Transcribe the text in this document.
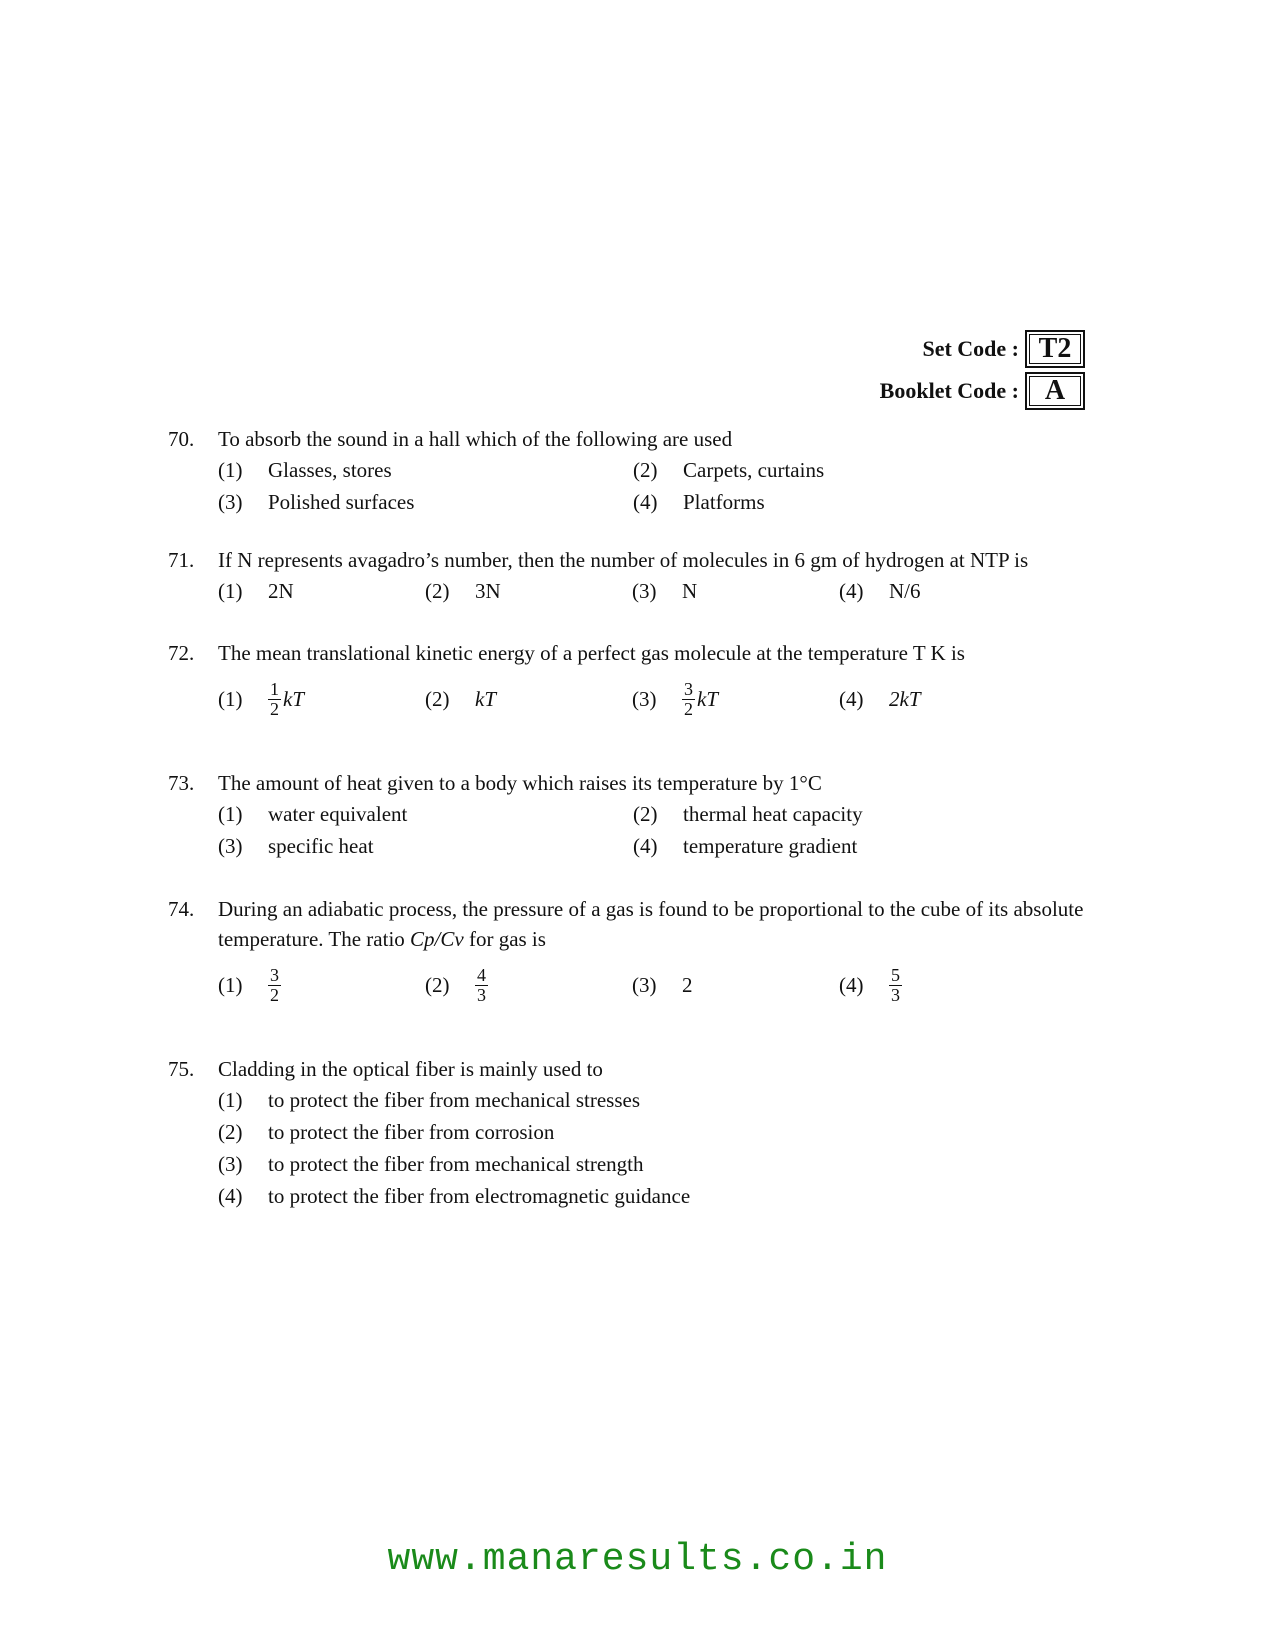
Set Code : T2
Booklet Code : A
70.	To absorb the sound in a hall which of the following are used
(1)	Glasses, stores	(2)	Carpets, curtains
(3)	Polished surfaces	(4)	Platforms
71.	If N represents avagadro’s number, then the number of molecules in 6 gm of hydrogen at NTP is
(1)	2N	(2)	3N	(3)	N	(4)	N/6
72.	The mean translational kinetic energy of a perfect gas molecule at the temperature T K is
(1)	$\frac{1}{2}$ kT	(2)	kT	(3)	$\frac{3}{2}$ kT	(4)	2kT
73.	The amount of heat given to a body which raises its temperature by 1°C
(1)	water equivalent	(2)	thermal heat capacity
(3)	specific heat	(4)	temperature gradient
74.	During an adiabatic process, the pressure of a gas is found to be proportional to the cube of its absolute temperature. The ratio Cp/Cv for gas is
(1)	$\frac{3}{2}$	(2)	$\frac{4}{3}$	(3)	2	(4)	$\frac{5}{3}$
75.	Cladding in the optical fiber is mainly used to
(1)	to protect the fiber from mechanical stresses
(2)	to protect the fiber from corrosion
(3)	to protect the fiber from mechanical strength
(4)	to protect the fiber from electromagnetic guidance
www.manaresults.co.in
